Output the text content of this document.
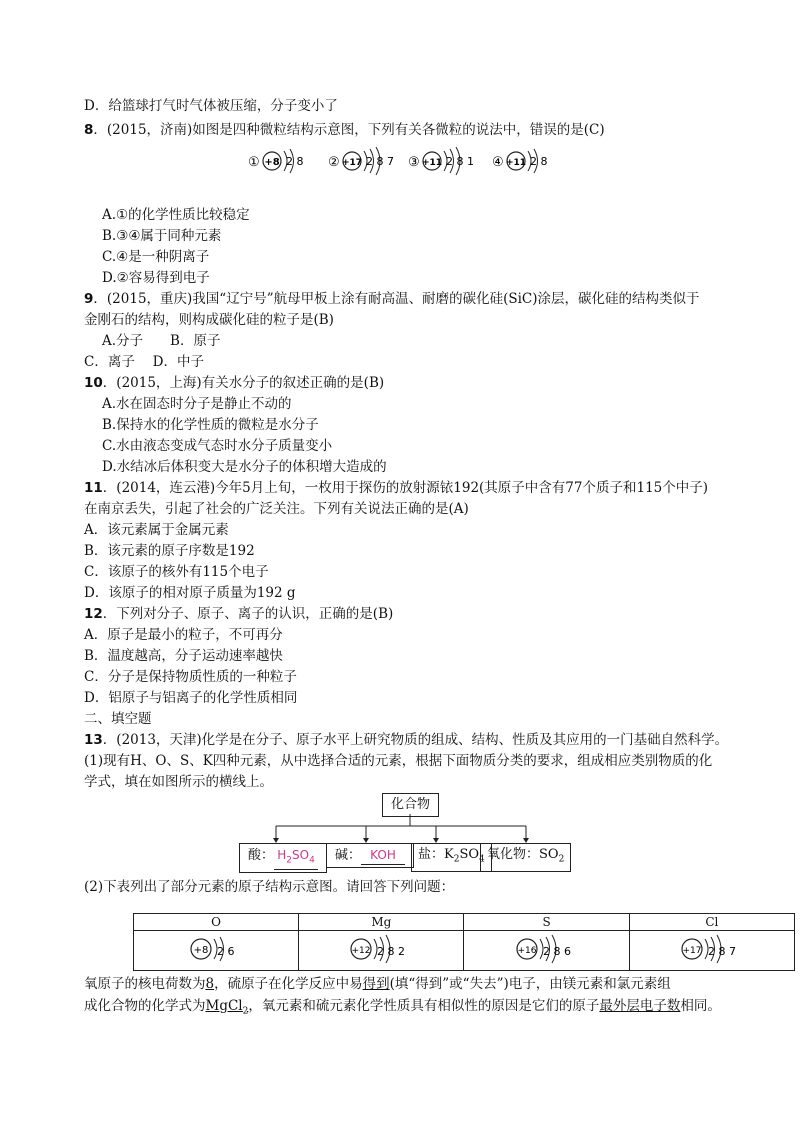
D．给篮球打气时气体被压缩，分子变小了
8．(2015，济南)如图是四种微粒结构示意图，下列有关各微粒的说法中，错误的是(C)
① +8 2 8 ② +17 2 8 7 ③ +11 2 8 1 ④ +11 2 8
A.①的化学性质比较稳定
B.③④属于同种元素
C.④是一种阴离子
D.②容易得到电子
9．(2015，重庆)我国“辽宁号”航母甲板上涂有耐高温、耐磨的碳化硅(SiC)涂层，碳化硅的结构类似于
金刚石的结构，则构成碳化硅的粒子是(B)
A.分子　　B．原子
C．离子　 D．中子
10．(2015，上海)有关水分子的叙述正确的是(B)
A.水在固态时分子是静止不动的
B.保持水的化学性质的微粒是水分子
C.水由液态变成气态时水分子质量变小
D.水结冰后体积变大是水分子的体积增大造成的
11．(2014，连云港)今年5月上旬，一枚用于探伤的放射源铱192(其原子中含有77个质子和115个中子)
在南京丢失，引起了社会的广泛关注。下列有关说法正确的是(A)
A．该元素属于金属元素
B．该元素的原子序数是192
C．该原子的核外有115个电子
D．该原子的相对原子质量为192 g
12．下列对分子、原子、离子的认识，正确的是(B)
A．原子是最小的粒子，不可再分
B．温度越高，分子运动速率越快
C．分子是保持物质性质的一种粒子
D．铝原子与铝离子的化学性质相同
二、填空题
13．(2013，天津)化学是在分子、原子水平上研究物质的组成、结构、性质及其应用的一门基础自然科学。
(1)现有H、O、S、K四种元素，从中选择合适的元素，根据下面物质分类的要求，组成相应类别物质的化
学式，填在如图所示的横线上。
化合物
酸： $H_2SO_4$	碱： KOH	盐：$K_2SO_4$ 氧化物：$SO_2$
(2)下表列出了部分元素的原子结构示意图。请回答下列问题：
O	Mg	S	Cl

+8 2 6	+12 2 8 2	+16 2 8 6	+17 2 8 7
氧原子的核电荷数为8，硫原子在化学反应中易得到(填“得到”或“失去”)电子，由镁元素和氯元素组
成化合物的化学式为MgCl$_2$，氧元素和硫元素化学性质具有相似性的原因是它们的原子最外层电子数相同。
